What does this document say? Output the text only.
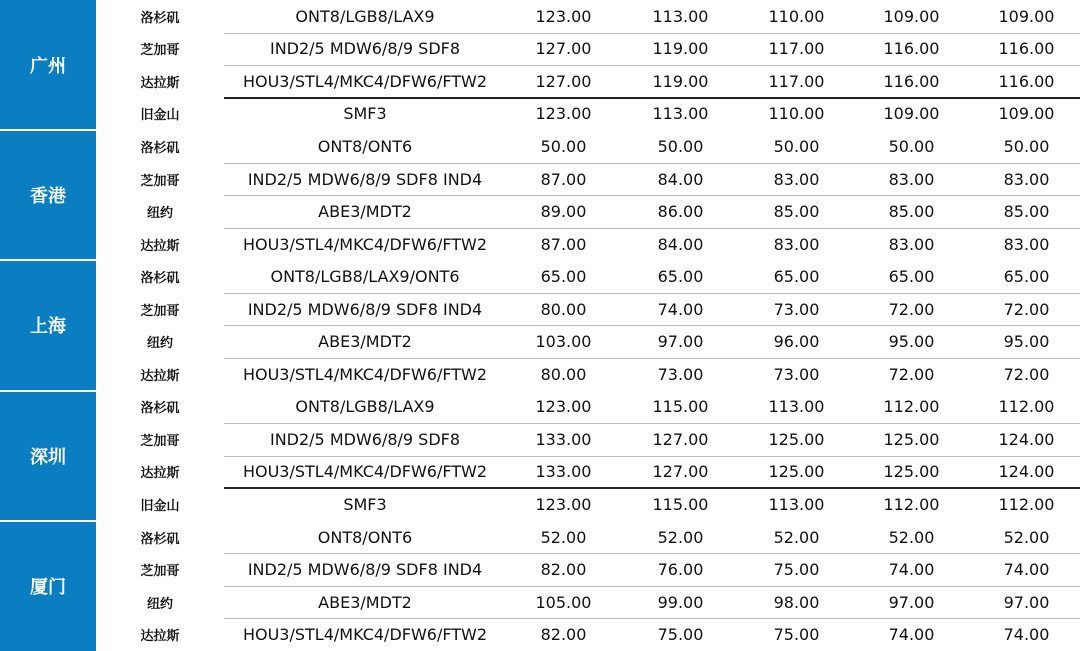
广州
洛杉矶	ONT8/LGB8/LAX9	123.00	113.00	110.00	109.00	109.00
芝加哥	IND2/5 MDW6/8/9 SDF8	127.00	119.00	117.00	116.00	116.00
达拉斯	HOU3/STL4/MKC4/DFW6/FTW2	127.00	119.00	117.00	116.00	116.00
旧金山	SMF3	123.00	113.00	110.00	109.00	109.00
香港
洛杉矶	ONT8/ONT6	50.00	50.00	50.00	50.00	50.00
芝加哥	IND2/5 MDW6/8/9 SDF8 IND4	87.00	84.00	83.00	83.00	83.00
纽约	ABE3/MDT2	89.00	86.00	85.00	85.00	85.00
达拉斯	HOU3/STL4/MKC4/DFW6/FTW2	87.00	84.00	83.00	83.00	83.00
上海
洛杉矶	ONT8/LGB8/LAX9/ONT6	65.00	65.00	65.00	65.00	65.00
芝加哥	IND2/5 MDW6/8/9 SDF8 IND4	80.00	74.00	73.00	72.00	72.00
纽约	ABE3/MDT2	103.00	97.00	96.00	95.00	95.00
达拉斯	HOU3/STL4/MKC4/DFW6/FTW2	80.00	73.00	73.00	72.00	72.00
深圳
洛杉矶	ONT8/LGB8/LAX9	123.00	115.00	113.00	112.00	112.00
芝加哥	IND2/5 MDW6/8/9 SDF8	133.00	127.00	125.00	125.00	124.00
达拉斯	HOU3/STL4/MKC4/DFW6/FTW2	133.00	127.00	125.00	125.00	124.00
旧金山	SMF3	123.00	115.00	113.00	112.00	112.00
厦门
洛杉矶	ONT8/ONT6	52.00	52.00	52.00	52.00	52.00
芝加哥	IND2/5 MDW6/8/9 SDF8 IND4	82.00	76.00	75.00	74.00	74.00
纽约	ABE3/MDT2	105.00	99.00	98.00	97.00	97.00
达拉斯	HOU3/STL4/MKC4/DFW6/FTW2	82.00	75.00	75.00	74.00	74.00
